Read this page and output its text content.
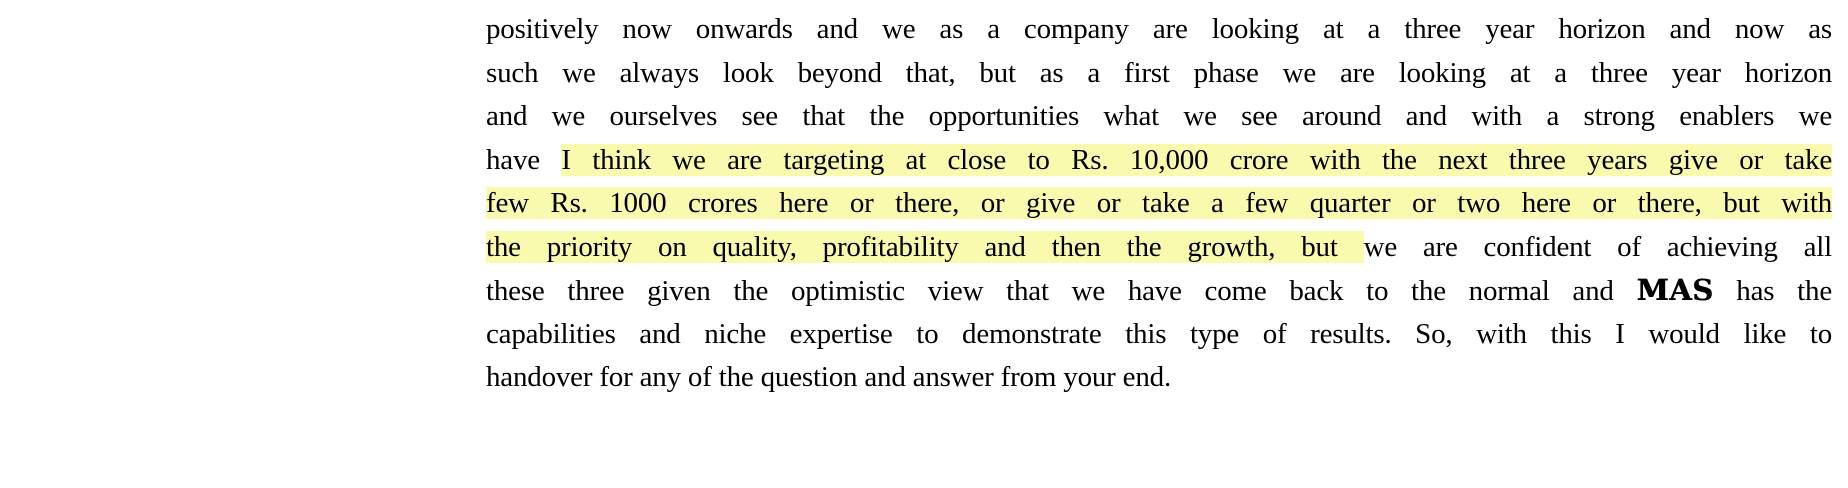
positively now onwards and we as a company are looking at a three year horizon and now as
such we always look beyond that, but as a first phase we are looking at a three year horizon
and we ourselves see that the opportunities what we see around and with a strong enablers we
have I think we are targeting at close to Rs. 10,000 crore with the next three years give or take
few Rs. 1000 crores here or there, or give or take a few quarter or two here or there, but with
the priority on quality, profitability and then the growth, but we are confident of achieving all
these three given the optimistic view that we have come back to the normal and MAS has the
capabilities and niche expertise to demonstrate this type of results. So, with this I would like to
handover for any of the question and answer from your end.
